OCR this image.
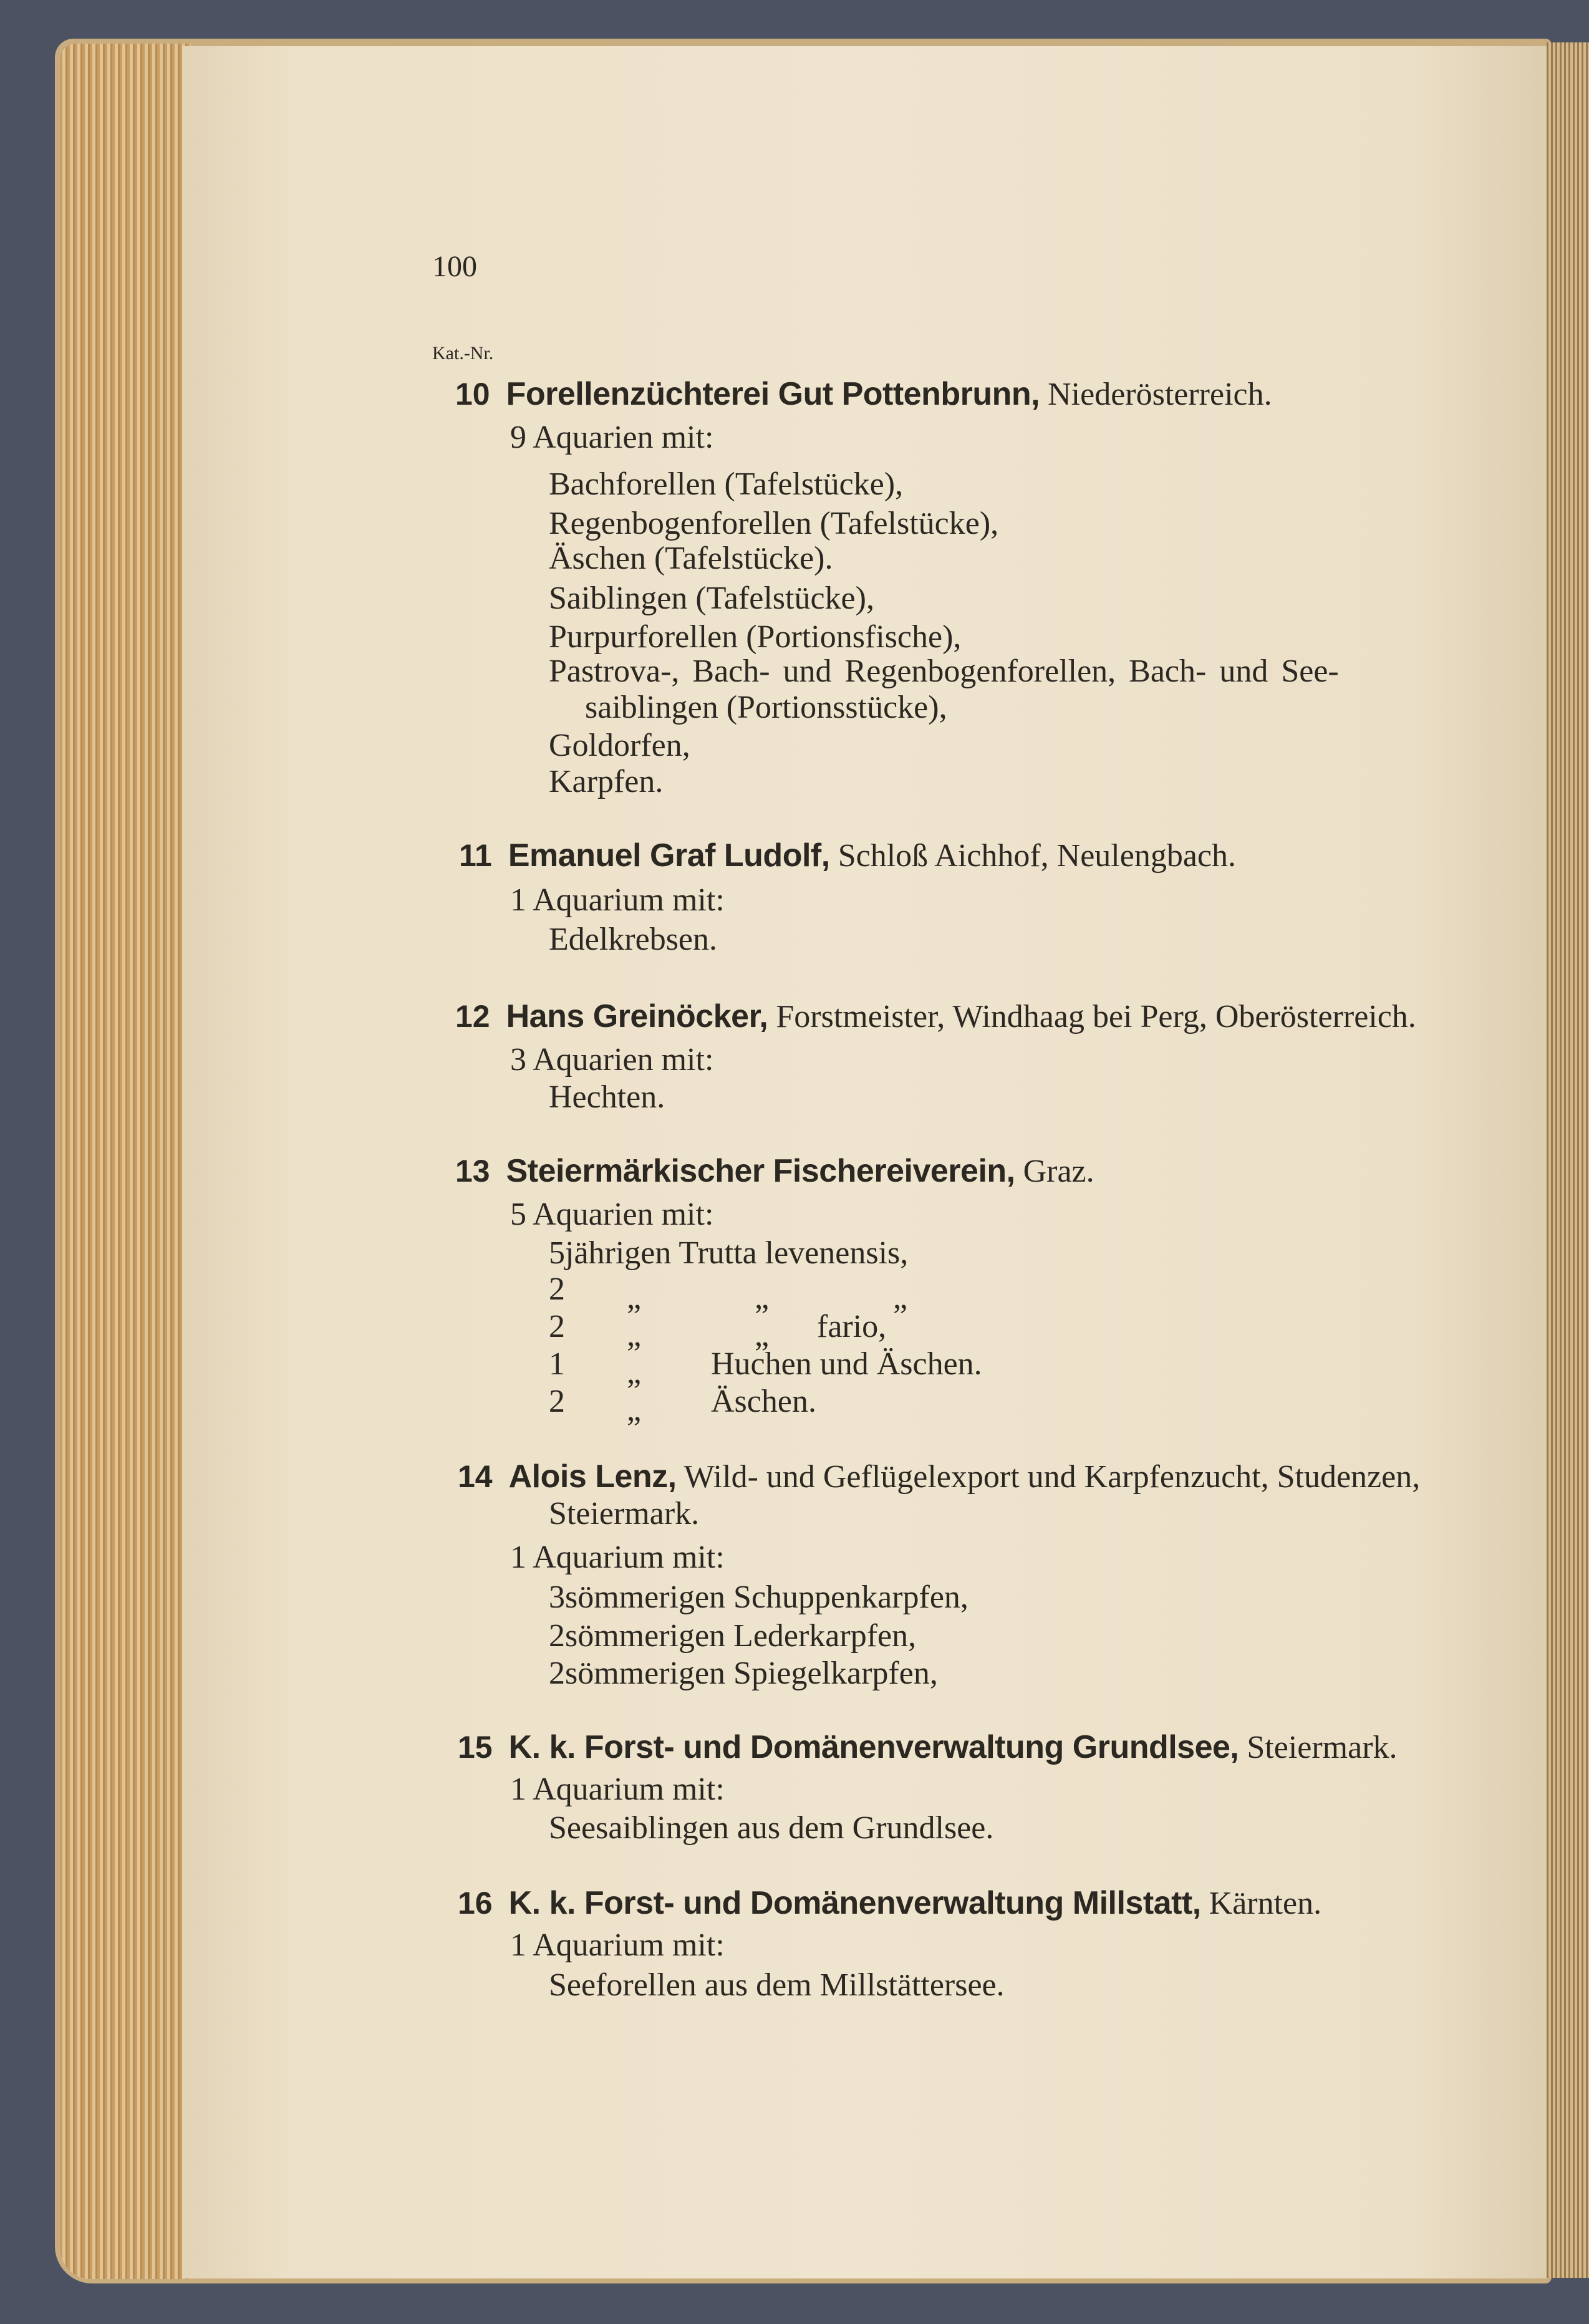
100
Kat.-Nr.
10 Forellenzüchterei Gut Pottenbrunn, Niederösterreich.
9 Aquarien mit:
Bachforellen (Tafelstücke),
Regenbogenforellen (Tafelstücke),
Äschen (Tafelstücke).
Saiblingen (Tafelstücke),
Purpurforellen (Portionsfische),
Pastrova-, Bach- und Regenbogenforellen, Bach- und See-
saiblingen (Portionsstücke),
Goldorfen,
Karpfen.
11 Emanuel Graf Ludolf, Schloß Aichhof, Neulengbach.
1 Aquarium mit:
Edelkrebsen.
12 Hans Greinöcker, Forstmeister, Windhaag bei Perg, Oberösterreich.
3 Aquarien mit:
Hechten.
13 Steiermärkischer Fischereiverein, Graz.
5 Aquarien mit:
5jährigen Trutta levenensis,
2 „	„	„
2 „	„ fario,
1 „ Huchen und Äschen.
2 „ Äschen.
14 Alois Lenz, Wild- und Geflügelexport und Karpfenzucht, Studenzen,
Steiermark.
1 Aquarium mit:
3sömmerigen Schuppenkarpfen,
2sömmerigen Lederkarpfen,
2sömmerigen Spiegelkarpfen,
15 K. k. Forst- und Domänenverwaltung Grundlsee, Steiermark.
1 Aquarium mit:
Seesaiblingen aus dem Grundlsee.
16 K. k. Forst- und Domänenverwaltung Millstatt, Kärnten.
1 Aquarium mit:
Seeforellen aus dem Millstättersee.
